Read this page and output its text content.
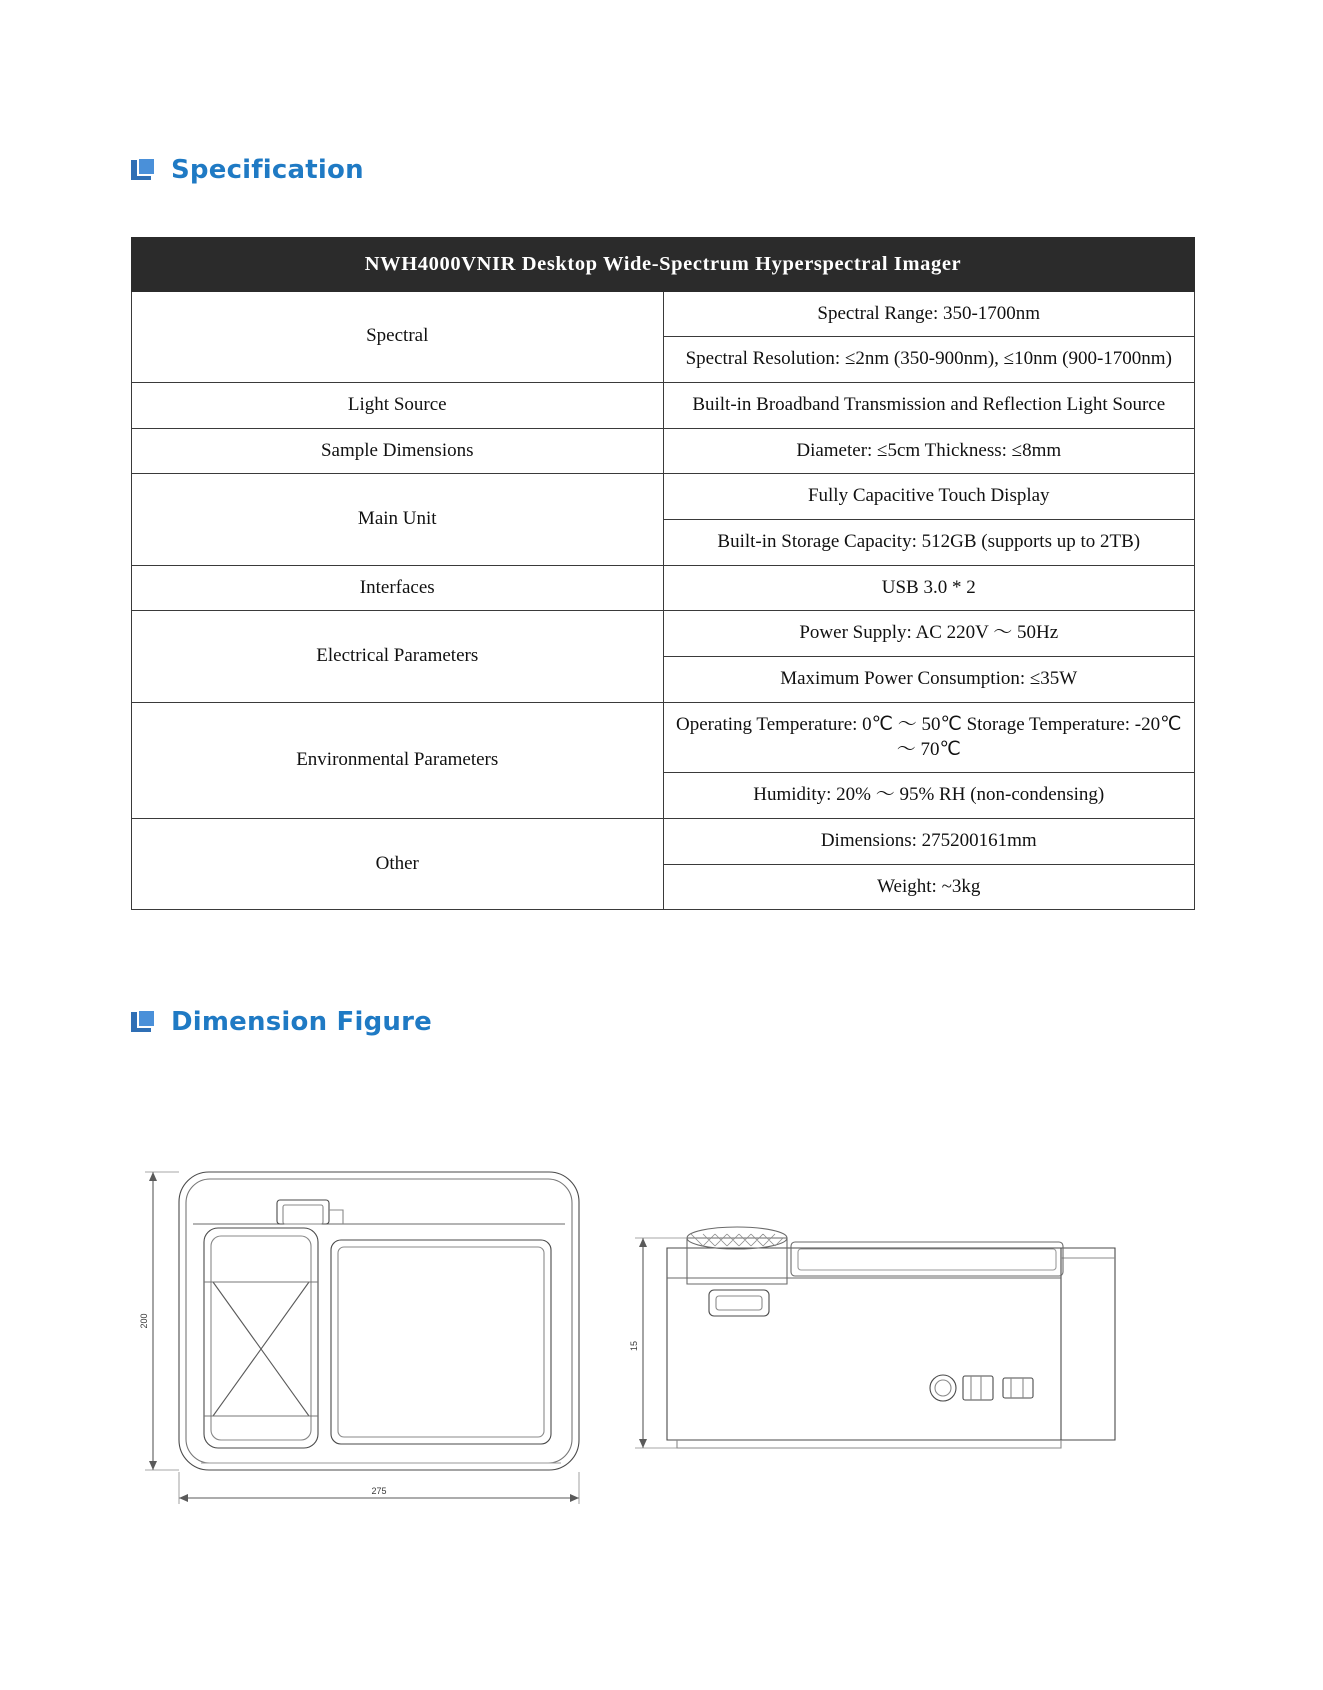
Specification
NWH4000VNIR Desktop Wide-Spectrum Hyperspectral Imager	
Spectral	Spectral Range: 350-1700nm
	Spectral Resolution: ≤2nm (350-900nm), ≤10nm (900-1700nm)
Light Source	Built-in Broadband Transmission and Reflection Light Source
Sample Dimensions	Diameter: ≤5cm Thickness: ≤8mm
Main Unit	Fully Capacitive Touch Display
	Built-in Storage Capacity: 512GB (supports up to 2TB)
Interfaces	USB 3.0 * 2
Electrical Parameters	Power Supply: AC 220V ～ 50Hz
	Maximum Power Consumption: ≤35W
Environmental Parameters	Operating Temperature: 0℃ ～ 50℃ Storage Temperature: -20℃ ～ 70℃
	Humidity: 20% ～ 95% RH (non-condensing)
Other	Dimensions: 275200161mm
	Weight: ~3kg
Dimension Figure
200
275
15
